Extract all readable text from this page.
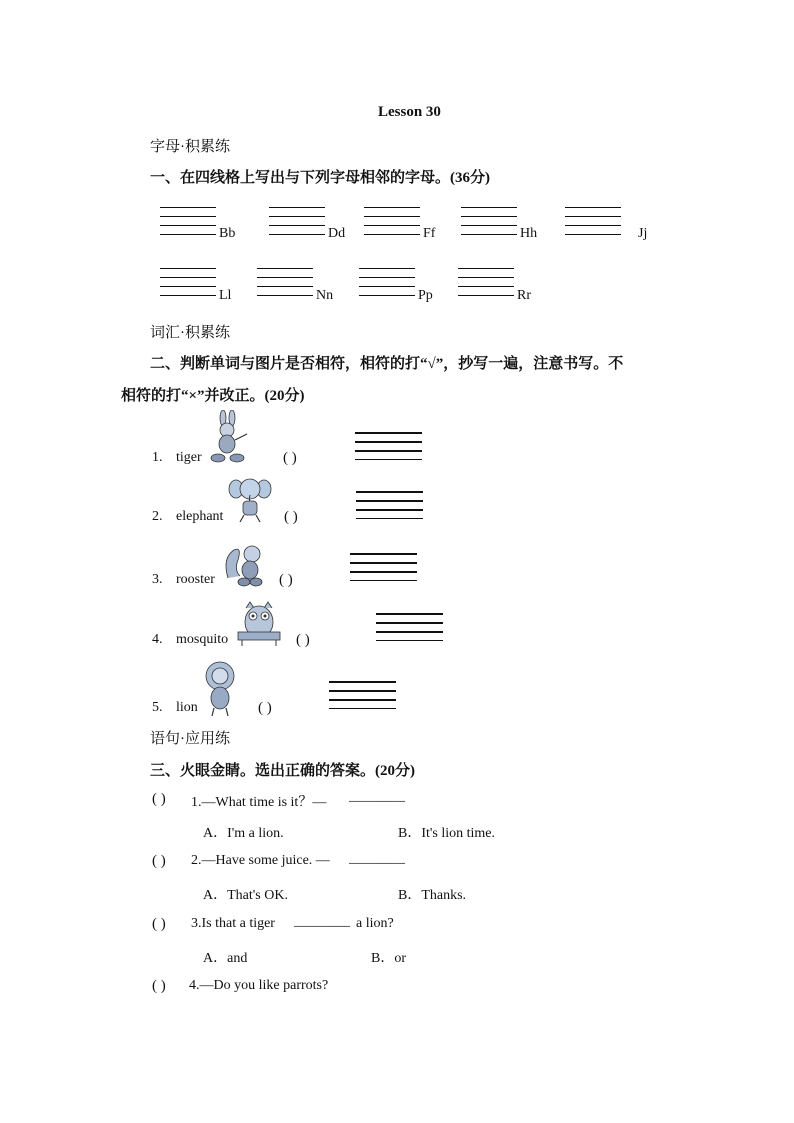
Lesson 30
字母·积累练
一、在四线格上写出与下列字母相邻的字母。(36分)
Bb	Dd	Ff	Hh	Jj
Ll	Nn	Pp	Rr
词汇·积累练
二、判断单词与图片是否相符，相符的打“√”，抄写一遍，注意书写。不
相符的打“×”并改正。(20分)
1. tiger	( )
2. elephant	( )
3. rooster	( )
4. mosquito	( )
5. lion	( )
语句·应用练
三、火眼金睛。选出正确的答案。(20分)
( ) 1.—What time is it？— ________
A．I'm a lion.	B．It's lion time.
( ) 2.—Have some juice. — ________
A．That's OK.	B．Thanks.
( ) 3.Is that a tiger ________ a lion?
A．and	B．or
( ) 4.—Do you like parrots?
